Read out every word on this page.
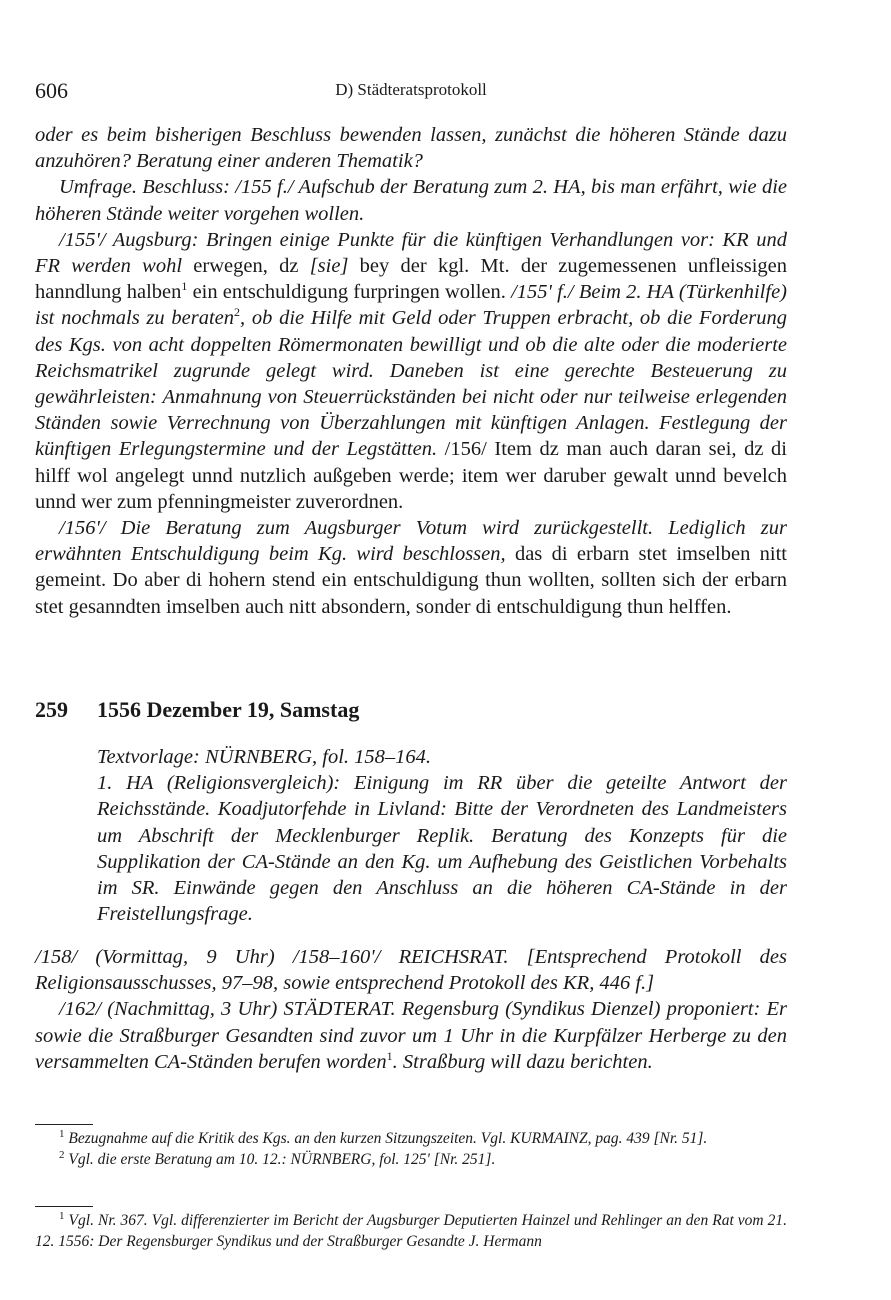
606	D) Städteratsprotokoll

oder es beim bisherigen Beschluss bewenden lassen, zunächst die höheren Stände dazu anzuhören? Beratung einer anderen Thematik?

Umfrage. Beschluss: /155 f./ Aufschub der Beratung zum 2. HA, bis man erfährt, wie die höheren Stände weiter vorgehen wollen.

/155'/ Augsburg: Bringen einige Punkte für die künftigen Verhandlungen vor: KR und FR werden wohl erwegen, dz [sie] bey der kgl. Mt. der zugemessenen unfleissigen hanndlung halben$^1$ ein entschuldigung furpringen wollen. /155' f./ Beim 2. HA (Türkenhilfe) ist nochmals zu beraten$^2$, ob die Hilfe mit Geld oder Truppen erbracht, ob die Forderung des Kgs. von acht doppelten Römermonaten bewilligt und ob die alte oder die moderierte Reichsmatrikel zugrunde gelegt wird. Daneben ist eine gerechte Besteuerung zu gewährleisten: Anmahnung von Steuerrückständen bei nicht oder nur teilweise erlegenden Ständen sowie Verrechnung von Überzahlungen mit künftigen Anlagen. Festlegung der künftigen Erlegungstermine und der Legstätten. /156/ Item dz man auch daran sei, dz di hilff wol angelegt unnd nutzlich außgeben werde; item wer daruber gewalt unnd bevelch unnd wer zum pfenningmeister zuverordnen.

/156'/ Die Beratung zum Augsburger Votum wird zurückgestellt. Lediglich zur erwähnten Entschuldigung beim Kg. wird beschlossen, das di erbarn stet imselben nitt gemeint. Do aber di hohern stend ein entschuldigung thun wollten, sollten sich der erbarn stet gesanndten imselben auch nitt absondern, sonder di entschuldigung thun helffen.

259 1556 Dezember 19, Samstag

Textvorlage: NÜRNBERG, fol. 158–164.

1. HA (Religionsvergleich): Einigung im RR über die geteilte Antwort der Reichsstände. Koadjutorfehde in Livland: Bitte der Verordneten des Landmeisters um Abschrift der Mecklenburger Replik. Beratung des Konzepts für die Supplikation der CA-Stände an den Kg. um Aufhebung des Geistlichen Vorbehalts im SR. Einwände gegen den Anschluss an die höheren CA-Stände in der Freistellungsfrage.

/158/ (Vormittag, 9 Uhr) /158–160'/ REICHSRAT. [Entsprechend Protokoll des Religionsausschusses, 97–98, sowie entsprechend Protokoll des KR, 446 f.]

/162/ (Nachmittag, 3 Uhr) STÄDTERAT. Regensburg (Syndikus Dienzel) proponiert: Er sowie die Straßburger Gesandten sind zuvor um 1 Uhr in die Kurpfälzer Herberge zu den versammelten CA-Ständen berufen worden$^1$. Straßburg will dazu berichten.

$^1$ Bezugnahme auf die Kritik des Kgs. an den kurzen Sitzungszeiten. Vgl. KURMAINZ, pag. 439 [Nr. 51].

$^2$ Vgl. die erste Beratung am 10. 12.: NÜRNBERG, fol. 125' [Nr. 251].

$^1$ Vgl. Nr. 367. Vgl. differenzierter im Bericht der Augsburger Deputierten Hainzel und Rehlinger an den Rat vom 21. 12. 1556: Der Regensburger Syndikus und der Straßburger Gesandte J. Hermann
